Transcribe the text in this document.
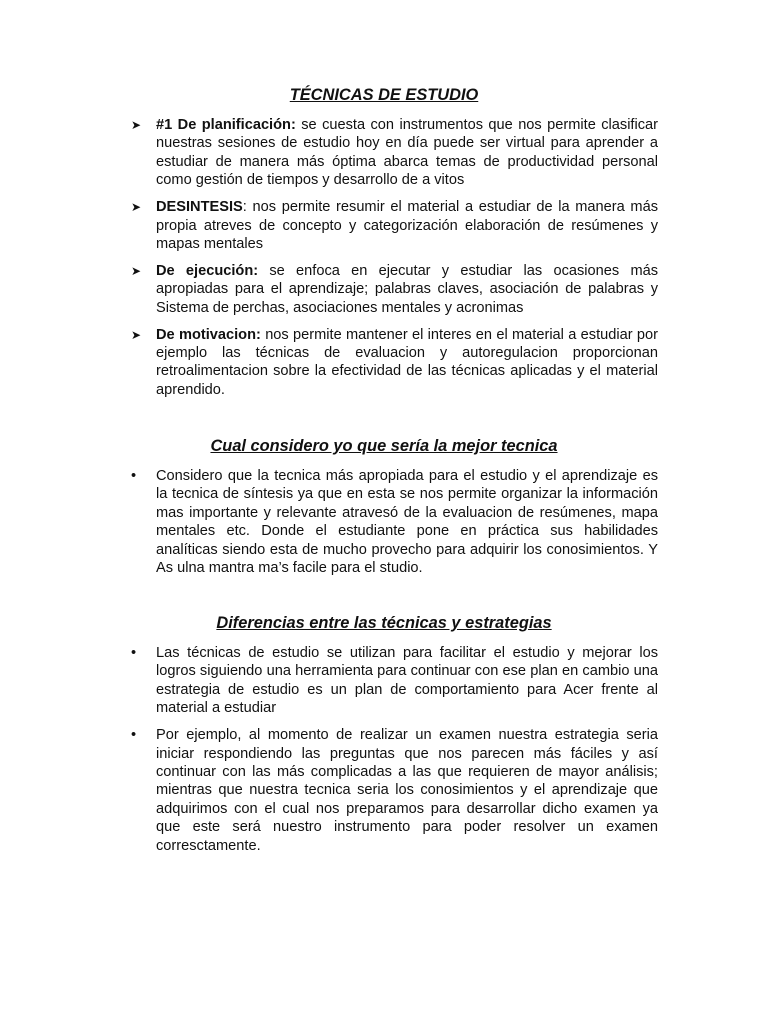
TÉCNICAS DE ESTUDIO
➤ #1 De planificación: se cuesta con instrumentos que nos permite clasificar nuestras sesiones de estudio hoy en día puede ser virtual para aprender a estudiar de manera más óptima abarca temas de productividad personal como gestión de tiempos y desarrollo de a vitos
➤ DESINTESIS: nos permite resumir el material a estudiar de la manera más propia atreves de concepto y categorización elaboración de resúmenes y mapas mentales
➤ De ejecución: se enfoca en ejecutar y estudiar las ocasiones más apropiadas para el aprendizaje; palabras claves, asociación de palabras y Sistema de perchas, asociaciones mentales y acronimas
➤ De motivacion: nos permite mantener el interes en el material a estudiar por ejemplo las técnicas de evaluacion y autoregulacion proporcionan retroalimentacion sobre la efectividad de las técnicas aplicadas y el material aprendido.
Cual considero yo que sería la mejor tecnica
• Considero que la tecnica más apropiada para el estudio y el aprendizaje es la tecnica de síntesis ya que en esta se nos permite organizar la información mas importante y relevante atravesó de la evaluacion de resúmenes, mapa mentales etc. Donde el estudiante pone en práctica sus habilidades analíticas siendo esta de mucho provecho para adquirir los conosimientos. Y As ulna mantra ma’s facile para el studio.
Diferencias entre las técnicas y estrategias
• Las técnicas de estudio se utilizan para facilitar el estudio y mejorar los logros siguiendo una herramienta para continuar con ese plan en cambio una estrategia de estudio es un plan de comportamiento para Acer frente al material a estudiar
• Por ejemplo, al momento de realizar un examen nuestra estrategia seria iniciar respondiendo las preguntas que nos parecen más fáciles y así continuar con las más complicadas a las que requieren de mayor análisis; mientras que nuestra tecnica seria los conosimientos y el aprendizaje que adquirimos con el cual nos preparamos para desarrollar dicho examen ya que este será nuestro instrumento para poder resolver un examen corresctamente.
